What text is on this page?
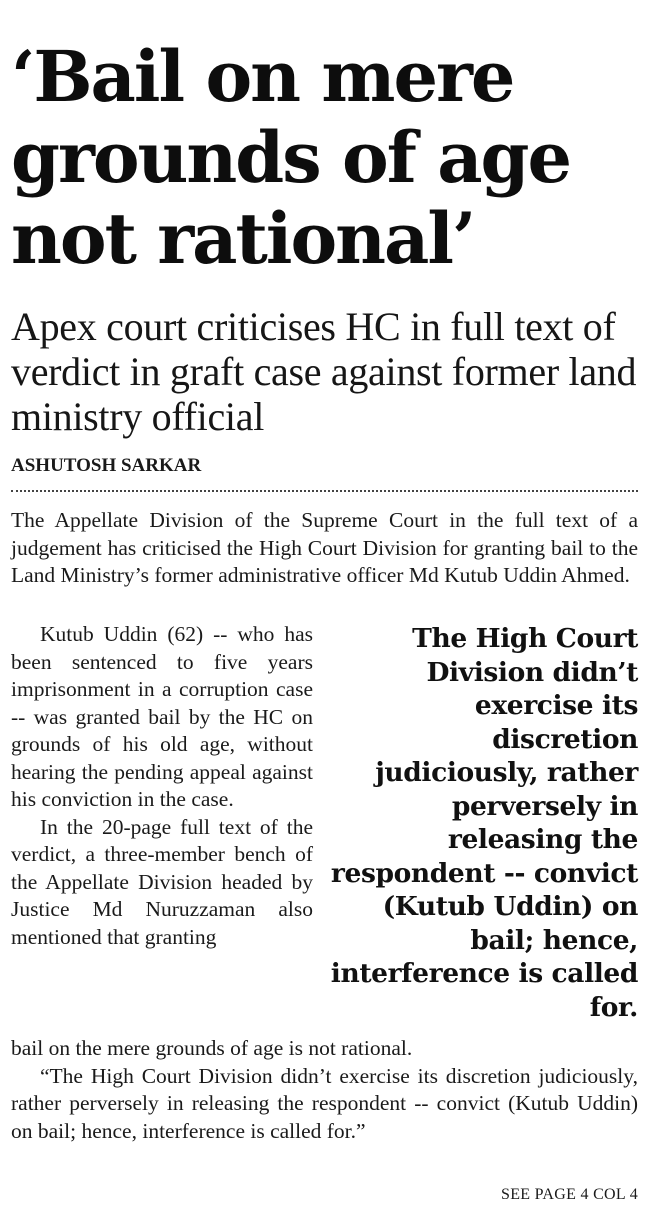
‘Bail on mere grounds of age not rational’
Apex court criticises HC in full text of verdict in graft case against former land ministry official
ASHUTOSH SARKAR

The Appellate Division of the Supreme Court in the full text of a judgement has criticised the High Court Division for granting bail to the Land Ministry’s former administrative officer Md Kutub Uddin Ahmed.

Kutub Uddin (62) -- who has been sentenced to five years imprisonment in a corruption case -- was granted bail by the HC on grounds of his old age, without hearing the pending appeal against his conviction in the case.

In the 20-page full text of the verdict, a three-member bench of the Appellate Division headed by Justice Md Nuruzzaman also mentioned that granting

The High Court Division didn’t exercise its discretion judiciously, rather perversely in releasing the respondent -- convict (Kutub Uddin) on bail; hence, interference is called for.

bail on the mere grounds of age is not rational.

“The High Court Division didn’t exercise its discretion judiciously, rather perversely in releasing the respondent -- convict (Kutub Uddin) on bail; hence, interference is called for.”

SEE PAGE 4 COL 4
